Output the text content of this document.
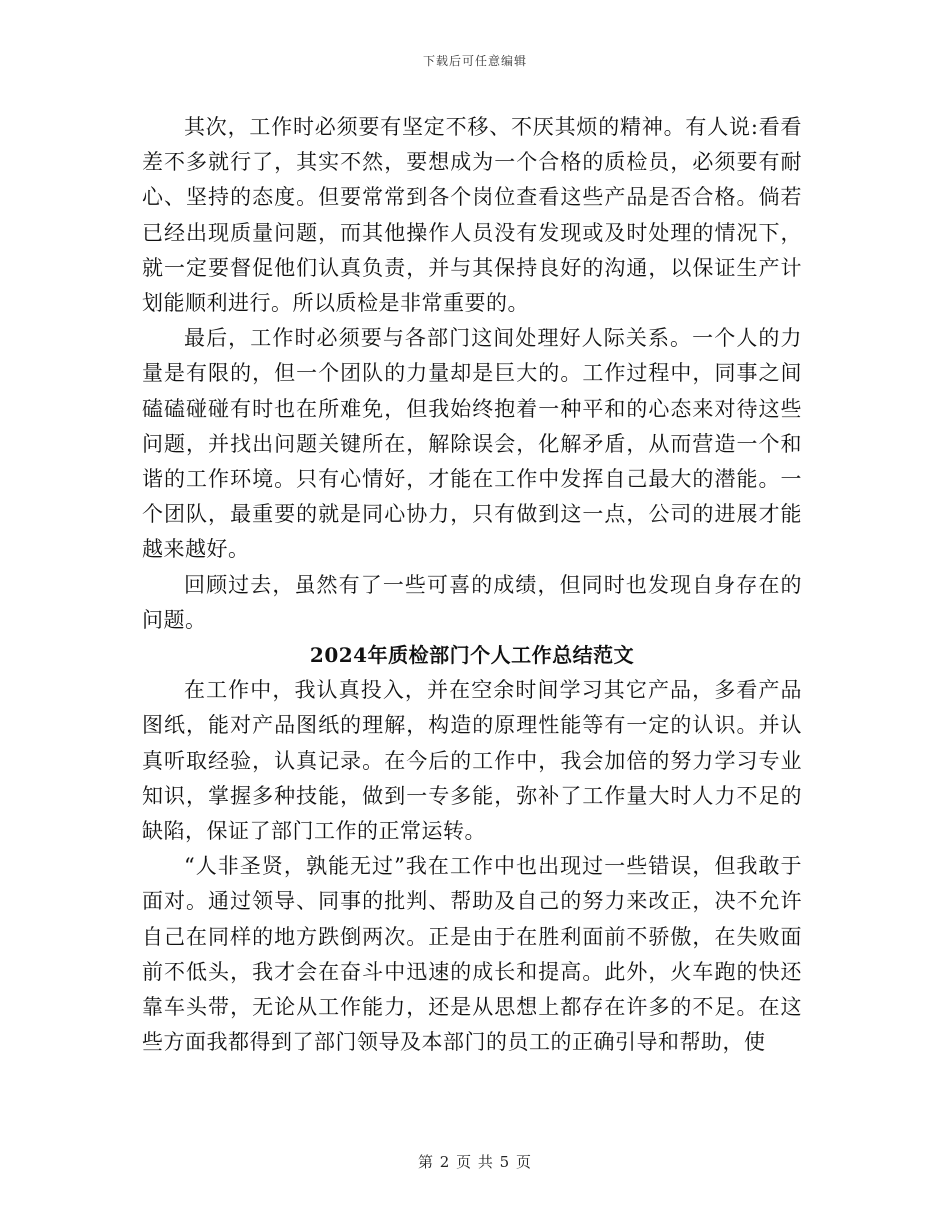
下载后可任意编辑

其次，工作时必须要有坚定不移、不厌其烦的精神。有人说:看看差不多就行了，其实不然，要想成为一个合格的质检员，必须要有耐心、坚持的态度。但要常常到各个岗位查看这些产品是否合格。倘若已经出现质量问题，而其他操作人员没有发现或及时处理的情况下，就一定要督促他们认真负责，并与其保持良好的沟通，以保证生产计划能顺利进行。所以质检是非常重要的。

最后，工作时必须要与各部门这间处理好人际关系。一个人的力量是有限的，但一个团队的力量却是巨大的。工作过程中，同事之间磕磕碰碰有时也在所难免，但我始终抱着一种平和的心态来对待这些问题，并找出问题关键所在，解除误会，化解矛盾，从而营造一个和谐的工作环境。只有心情好，才能在工作中发挥自己最大的潜能。一个团队，最重要的就是同心协力，只有做到这一点，公司的进展才能越来越好。

回顾过去，虽然有了一些可喜的成绩，但同时也发现自身存在的问题。

2024年质检部门个人工作总结范文

在工作中，我认真投入，并在空余时间学习其它产品，多看产品图纸，能对产品图纸的理解，构造的原理性能等有一定的认识。并认真听取经验，认真记录。在今后的工作中，我会加倍的努力学习专业知识，掌握多种技能，做到一专多能，弥补了工作量大时人力不足的缺陷，保证了部门工作的正常运转。

“人非圣贤，孰能无过”我在工作中也出现过一些错误，但我敢于面对。通过领导、同事的批判、帮助及自己的努力来改正，决不允许自己在同样的地方跌倒两次。正是由于在胜利面前不骄傲，在失败面前不低头，我才会在奋斗中迅速的成长和提高。此外，火车跑的快还靠车头带，无论从工作能力，还是从思想上都存在许多的不足。在这些方面我都得到了部门领导及本部门的员工的正确引导和帮助，使

第 2 页 共 5 页
